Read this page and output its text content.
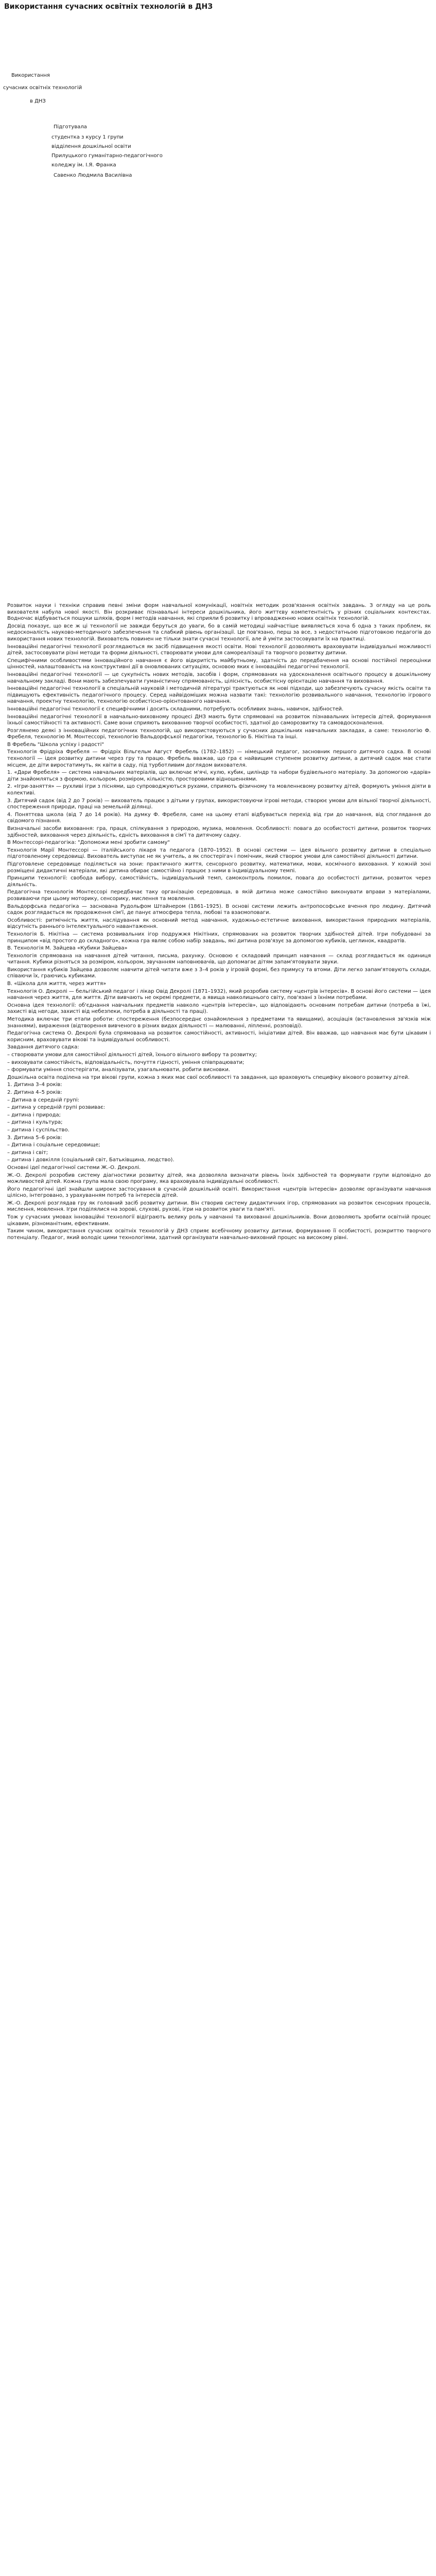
Використання сучасних освітніх технологій в ДНЗ
Використання
сучасних освітніх технологій
в ДНЗ
Підготувала
студентка з курсу 1 групи
відділення дошкільної освіти
Прилуцького гуманітарно-педагогічного
коледжу ім. І.Я. Франка
Савенко Людмила Василівна

Розвиток науки і техніки справив певні зміни форм навчальної комунікації, новітніх методик розв'язання освітніх завдань. З огляду на це роль вихователя набула нової якості. Він розкриває пізнавальні інтереси дошкільника, його життєву компетентність у різних соціальних контекстах. Водночас відбувається пошуки шляхів, форм і методів навчання, які сприяли б розвитку і впровадженню нових освітніх технологій.

Досвід показує, що все ж ці технології не завжди беруться до уваги, бо в самій методиці найчастіше виявляється хоча б одна з таких проблем, як недосконалість науково-методичного забезпечення та слабкий рівень організації. Це пов'язано, перш за все, з недостатньою підготовкою педагогів до використання нових технологій. Вихователь повинен не тільки знати сучасні технології, але й уміти застосовувати їх на практиці.

Інноваційні педагогічні технології розглядаються як засіб підвищення якості освіти. Нові технології дозволяють враховувати індивідуальні можливості дітей, застосовувати різні методи та форми діяльності, створювати умови для самореалізації та творчого розвитку дитини.

Специфічними особливостями інноваційного навчання є його відкритість майбутньому, здатність до передбачення на основі постійної переоцінки цінностей, налаштованість на конструктивні дії в оновлюваних ситуаціях, основою яких є інноваційні педагогічні технології.

Інноваційні педагогічні технології — це сукупність нових методів, засобів і форм, спрямованих на удосконалення освітнього процесу в дошкільному навчальному закладі. Вони мають забезпечувати гуманістичну спрямованість, цілісність, особистісну орієнтацію навчання та виховання.

Інноваційні педагогічні технології в спеціальній науковій і методичній літературі трактуються як нові підходи, що забезпечують сучасну якість освіти та підвищують ефективність педагогічного процесу. Серед найвідоміших можна назвати такі: технологію розвивального навчання, технологію ігрового навчання, проектну технологію, технологію особистісно-орієнтованого навчання.

Інноваційні педагогічні технології є специфічними і досить складними, потребують особливих знань, навичок, здібностей.

Інноваційні педагогічні технології в навчально-виховному процесі ДНЗ мають бути спрямовані на розвиток пізнавальних інтересів дітей, формування їхньої самостійності та активності. Саме вони сприяють вихованню творчої особистості, здатної до саморозвитку та самовдосконалення.

Розглянемо деякі з інноваційних педагогічних технологій, що використовуються у сучасних дошкільних навчальних закладах, а саме: технологію Ф. Фребеля, технологію М. Монтессорі, технологію Вальдорфської педагогіки, технологію Б. Нікітіна та інші.

В Фребель "Школа успіху і радості"

Технологія Фрідріха Фребеля — Фрідріх Вільгельм Август Фребель (1782–1852) — німецький педагог, засновник першого дитячого садка. В основі технології — ідея розвитку дитини через гру та працю. Фребель вважав, що гра є найвищим ступенем розвитку дитини, а дитячий садок має стати місцем, де діти виростатимуть, як квіти в саду, під турботливим доглядом вихователя.

1. «Дари Фребеля» — система навчальних матеріалів, що включає м'ячі, кулю, кубик, циліндр та набори будівельного матеріалу. За допомогою «дарів» діти знайомляться з формою, кольором, розміром, кількістю, просторовими відношеннями.

2. «Ігри-заняття» — рухливі ігри з піснями, що супроводжуються рухами, сприяють фізичному та мовленнєвому розвитку дітей, формують уміння діяти в колективі.

3. Дитячий садок (від 2 до 7 років) — вихователь працює з дітьми у групах, використовуючи ігрові методи, створює умови для вільної творчої діяльності, спостереження природи, праці на земельній ділянці.

4. Поняттєва школа (від 7 до 14 років). На думку Ф. Фребеля, саме на цьому етапі відбувається перехід від гри до навчання, від споглядання до свідомого пізнання.

Визначальні засоби виховання: гра, праця, спілкування з природою, музика, мовлення. Особливості: повага до особистості дитини, розвиток творчих здібностей, виховання через діяльність, єдність виховання в сім'ї та дитячому садку.

В Монтессорі-педагогіка: "Допоможи мені зробити самому"

Технологія Марії Монтессорі — італійського лікаря та педагога (1870–1952). В основі системи — ідея вільного розвитку дитини в спеціально підготовленому середовищі. Вихователь виступає не як учитель, а як спостерігач і помічник, який створює умови для самостійної діяльності дитини.

Підготовлене середовище поділяється на зони: практичного життя, сенсорного розвитку, математики, мови, космічного виховання. У кожній зоні розміщені дидактичні матеріали, які дитина обирає самостійно і працює з ними в індивідуальному темпі.

Принципи технології: свобода вибору, самостійність, індивідуальний темп, самоконтроль помилок, повага до особистості дитини, розвиток через діяльність.

Педагогічна технологія Монтессорі передбачає таку організацію середовища, в якій дитина може самостійно виконувати вправи з матеріалами, розвиваючи при цьому моторику, сенсорику, мислення та мовлення.

Вальдорфська педагогіка — заснована Рудольфом Штайнером (1861–1925). В основі системи лежить антропософське вчення про людину. Дитячий садок розглядається як продовження сім'ї, де панує атмосфера тепла, любові та взаємоповаги.

Особливості: ритмічність життя, наслідування як основний метод навчання, художньо-естетичне виховання, використання природних матеріалів, відсутність раннього інтелектуального навантаження.

Технологія Б. Нікітіна — система розвивальних ігор подружжя Нікітіних, спрямованих на розвиток творчих здібностей дітей. Ігри побудовані за принципом «від простого до складного», кожна гра являє собою набір завдань, які дитина розв'язує за допомогою кубиків, цеглинок, квадратів.

В. Технологія М. Зайцева «Кубики Зайцева»

Технологія спрямована на навчання дітей читання, письма, рахунку. Основою є складовий принцип навчання — склад розглядається як одиниця читання. Кубики різняться за розміром, кольором, звучанням наповнювачів, що допомагає дітям запам'ятовувати звуки.

Використання кубиків Зайцева дозволяє навчити дітей читати вже з 3–4 років у ігровій формі, без примусу та втоми. Діти легко запам'ятовують склади, співаючи їх, граючись кубиками.

В. «Школа для життя, через життя»

Технологія О. Декролі — бельгійський педагог і лікар Овід Декролі (1871–1932), який розробив систему «центрів інтересів». В основі його системи — ідея навчання через життя, для життя. Діти вивчають не окремі предмети, а явища навколишнього світу, пов'язані з їхніми потребами.

Основна ідея технології: об'єднання навчальних предметів навколо «центрів інтересів», що відповідають основним потребам дитини (потреба в їжі, захисті від негоди, захисті від небезпеки, потреба в діяльності та праці).

Методика включає три етапи роботи: спостереження (безпосереднє ознайомлення з предметами та явищами), асоціація (встановлення зв'язків між знаннями), вираження (відтворення вивченого в різних видах діяльності — малюванні, ліпленні, розповіді).

Педагогічна система О. Декролі була спрямована на розвиток самостійності, активності, ініціативи дітей. Він вважав, що навчання має бути цікавим і корисним, враховувати вікові та індивідуальні особливості.

Завдання дитячого садка:

– створювати умови для самостійної діяльності дітей, їхнього вільного вибору та розвитку;

– виховувати самостійність, відповідальність, почуття гідності, уміння співпрацювати;

– формувати уміння спостерігати, аналізувати, узагальнювати, робити висновки.

Дошкільна освіта поділена на три вікові групи, кожна з яких має свої особливості та завдання, що враховують специфіку вікового розвитку дітей.

1. Дитина 3–4 років:

2. Дитина 4–5 років:

– Дитина в середній групі:

– дитина у середній групі розвиває:

– дитина і природа;

– дитина і культура;

– дитина і суспільство.

3. Дитина 5–6 років:

– Дитина і соціальне середовище;

– дитина і світ;

– дитина і довкілля (соціальний світ, Батьківщина, людство).

Основні ідеї педагогічної системи Ж.-О. Декролі.

Ж.-О. Декролі розробив систему діагностики розвитку дітей, яка дозволяла визначати рівень їхніх здібностей та формувати групи відповідно до можливостей дітей. Кожна група мала свою програму, яка враховувала індивідуальні особливості.

Його педагогічні ідеї знайшли широке застосування в сучасній дошкільній освіті. Використання «центрів інтересів» дозволяє організувати навчання цілісно, інтегровано, з урахуванням потреб та інтересів дітей.

Ж.-О. Декролі розглядав гру як головний засіб розвитку дитини. Він створив систему дидактичних ігор, спрямованих на розвиток сенсорних процесів, мислення, мовлення. Ігри поділялися на зорові, слухові, рухові, ігри на розвиток уваги та пам'яті.

Тож у сучасних умовах інноваційні технології відіграють велику роль у навчанні та вихованні дошкільників. Вони дозволяють зробити освітній процес цікавим, різноманітним, ефективним.

Таким чином, використання сучасних освітніх технологій у ДНЗ сприяє всебічному розвитку дитини, формуванню її особистості, розкриттю творчого потенціалу. Педагог, який володіє цими технологіями, здатний організувати навчально-виховний процес на високому рівні.
